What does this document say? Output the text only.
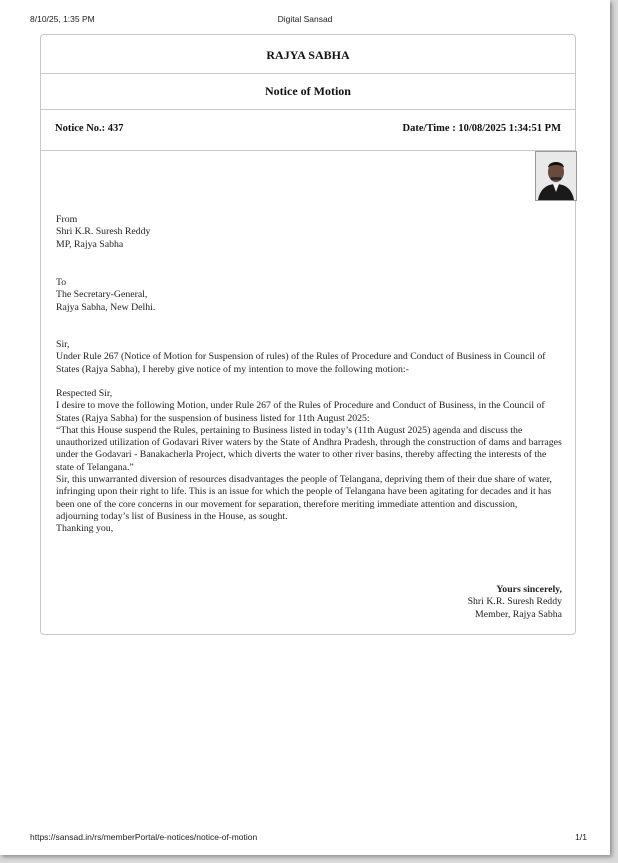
8/10/25, 1:35 PM	Digital Sansad
RAJYA SABHA
Notice of Motion
Notice No.: 437	Date/Time : 10/08/2025 1:34:51 PM
From
Shri K.R. Suresh Reddy
MP, Rajya Sabha
To
The Secretary-General,
Rajya Sabha, New Delhi.
Sir,
Under Rule 267 (Notice of Motion for Suspension of rules) of the Rules of Procedure and Conduct of Business in Council of States (Rajya Sabha), I hereby give notice of my intention to move the following motion:-
Respected Sir,
I desire to move the following Motion, under Rule 267 of the Rules of Procedure and Conduct of Business, in the Council of States (Rajya Sabha) for the suspension of business listed for 11th August 2025:
“That this House suspend the Rules, pertaining to Business listed in today’s (11th August 2025) agenda and discuss the unauthorized utilization of Godavari River waters by the State of Andhra Pradesh, through the construction of dams and barrages under the Godavari - Banakacherla Project, which diverts the water to other river basins, thereby affecting the interests of the state of Telangana.”
Sir, this unwarranted diversion of resources disadvantages the people of Telangana, depriving them of their due share of water, infringing upon their right to life. This is an issue for which the people of Telangana have been agitating for decades and it has been one of the core concerns in our movement for separation, therefore meriting immediate attention and discussion, adjourning today’s list of Business in the House, as sought.
Thanking you,
Yours sincerely,
Shri K.R. Suresh Reddy
Member, Rajya Sabha
https://sansad.in/rs/memberPortal/e-notices/notice-of-motion	1/1
